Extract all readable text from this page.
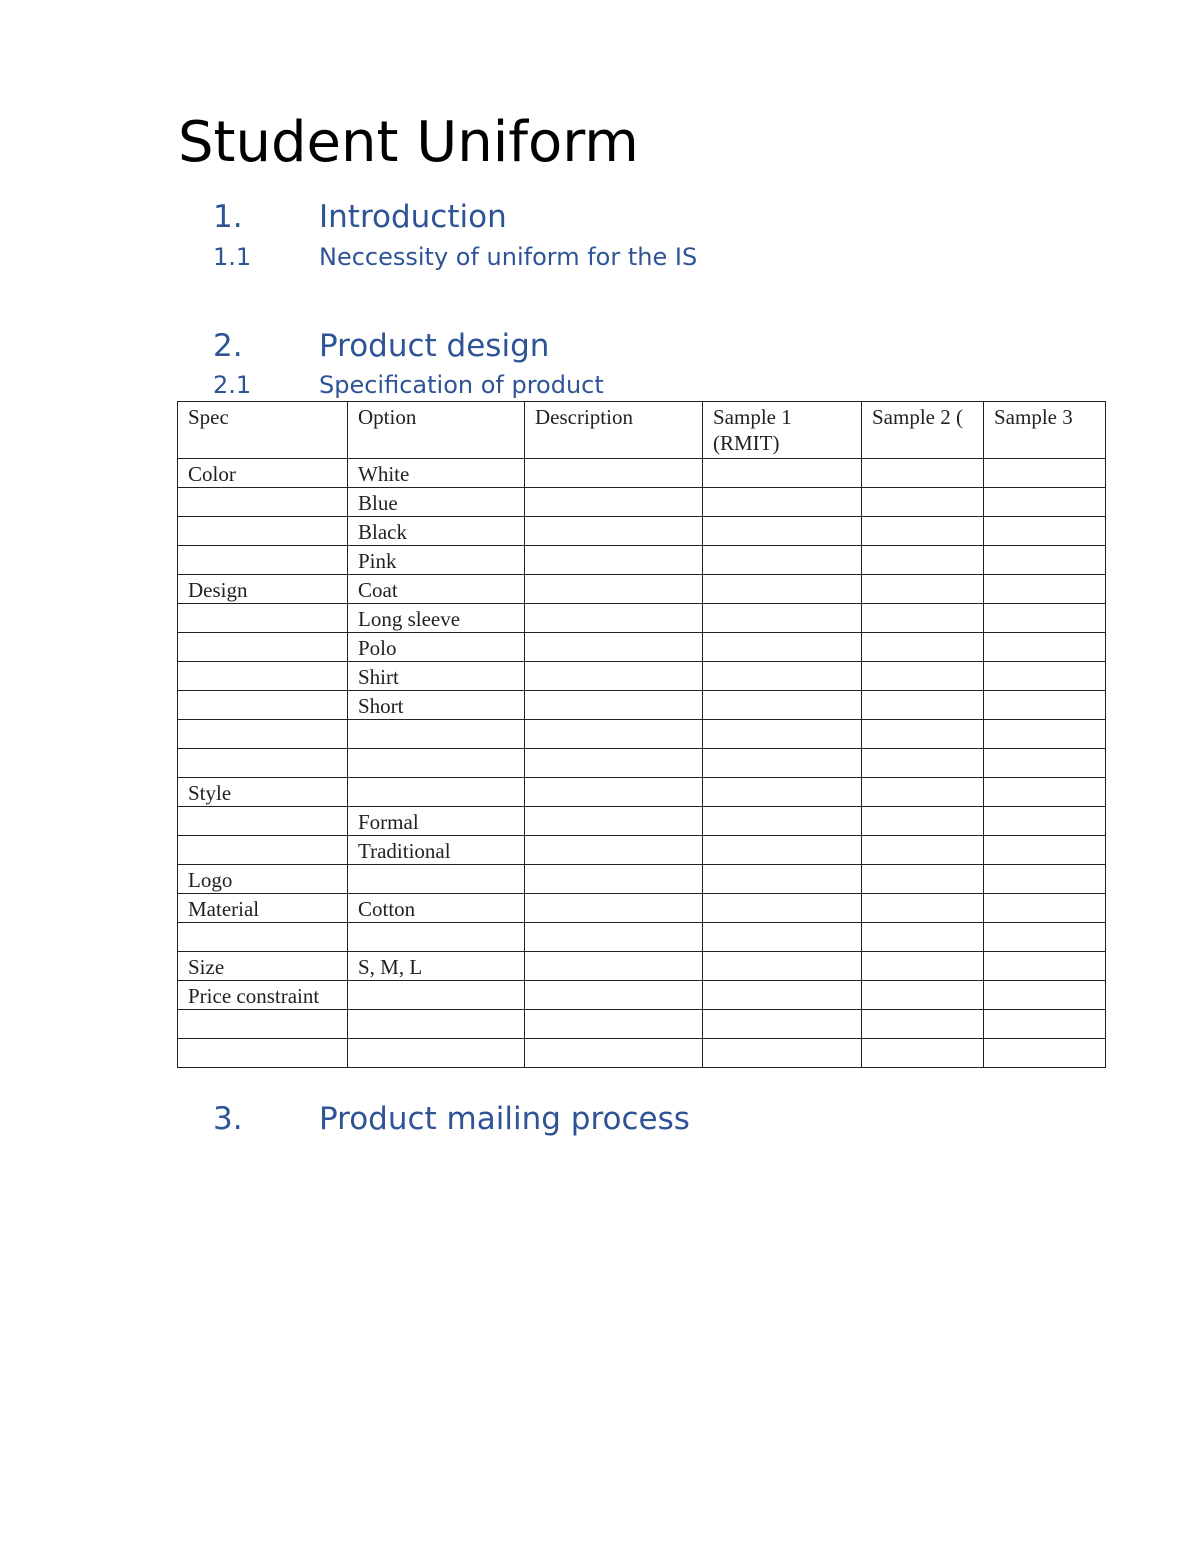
Student Uniform
1. Introduction
1.1	Neccessity of uniform for the IS
2. Product design
2.1	Specification of product
Spec	Option	Description	Sample 1 (RMIT)	Sample 2 (	Sample 3
Color	White				
	Blue				
	Black				
	Pink				
Design	Coat				
	Long sleeve				
	Polo				
	Shirt				
	Short				

Style					
	Formal				
	Traditional				
Logo					
Material	Cotton				

Size	S, M, L				
Price constraint					

3. Product mailing process
